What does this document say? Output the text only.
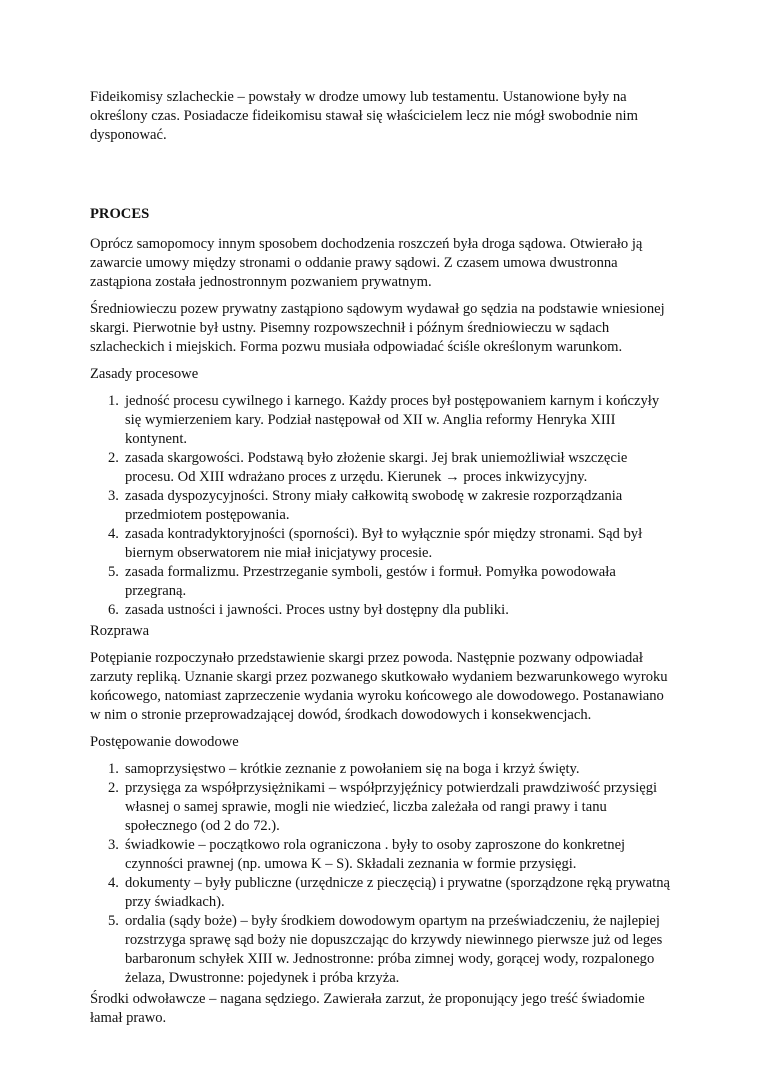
Fideikomisy szlacheckie – powstały w drodze umowy lub testamentu. Ustanowione były na określony czas. Posiadacze fideikomisu stawał się właścicielem lecz nie mógł swobodnie nim dysponować.

PROCES

Oprócz samopomocy innym sposobem dochodzenia roszczeń była droga sądowa. Otwierało ją zawarcie umowy między stronami o oddanie prawy sądowi. Z czasem umowa dwustronna zastąpiona została jednostronnym pozwaniem prywatnym.

Średniowieczu pozew prywatny zastąpiono sądowym wydawał go sędzia na podstawie wniesionej skargi. Pierwotnie był ustny. Pisemny rozpowszechnił i późnym średniowieczu w sądach szlacheckich i miejskich. Forma pozwu musiała odpowiadać ściśle określonym warunkom.

Zasady procesowe

1. jedność procesu cywilnego i karnego. Każdy proces był postępowaniem karnym i kończyły się wymierzeniem kary. Podział następował od XII w. Anglia reformy Henryka XIII kontynent.
2. zasada skargowości. Podstawą było złożenie skargi. Jej brak uniemożliwiał wszczęcie procesu. Od XIII wdrażano proces z urzędu. Kierunek → proces inkwizycyjny.
3. zasada dyspozycyjności. Strony miały całkowitą swobodę w zakresie rozporządzania przedmiotem postępowania.
4. zasada kontradyktoryjności (sporności). Był to wyłącznie spór między stronami. Sąd był biernym obserwatorem nie miał inicjatywy procesie.
5. zasada formalizmu. Przestrzeganie symboli, gestów i formuł. Pomyłka powodowała przegraną.
6. zasada ustności i jawności. Proces ustny był dostępny dla publiki.

Rozprawa

Potępianie rozpoczynało przedstawienie skargi przez powoda. Następnie pozwany odpowiadał zarzuty repliką. Uznanie skargi przez pozwanego skutkowało wydaniem bezwarunkowego wyroku końcowego, natomiast zaprzeczenie wydania wyroku końcowego ale dowodowego. Postanawiano w nim o stronie przeprowadzającej dowód, środkach dowodowych i konsekwencjach.

Postępowanie dowodowe

1. samoprzysięstwo – krótkie zeznanie z powołaniem się na boga i krzyż święty.
2. przysięga za współprzysiężnikami – współprzyjęźnicy potwierdzali prawdziwość przysięgi własnej o samej sprawie, mogli nie wiedzieć, liczba zależała od rangi prawy i tanu społecznego (od 2 do 72.).
3. świadkowie – początkowo rola ograniczona . były to osoby zaproszone do konkretnej czynności prawnej (np. umowa K – S). Składali zeznania w formie przysięgi.
4. dokumenty – były publiczne (urzędnicze z pieczęcią) i prywatne (sporządzone ręką prywatną przy świadkach).
5. ordalia (sądy boże) – były środkiem dowodowym opartym na przeświadczeniu, że najlepiej rozstrzyga sprawę sąd boży nie dopuszczając do krzywdy niewinnego pierwsze już od leges barbaronum schyłek XIII w. Jednostronne: próba zimnej wody, gorącej wody, rozpalonego żelaza, Dwustronne: pojedynek i próba krzyża.

Środki odwoławcze – nagana sędziego. Zawierała zarzut, że proponujący jego treść świadomie łamał prawo.
